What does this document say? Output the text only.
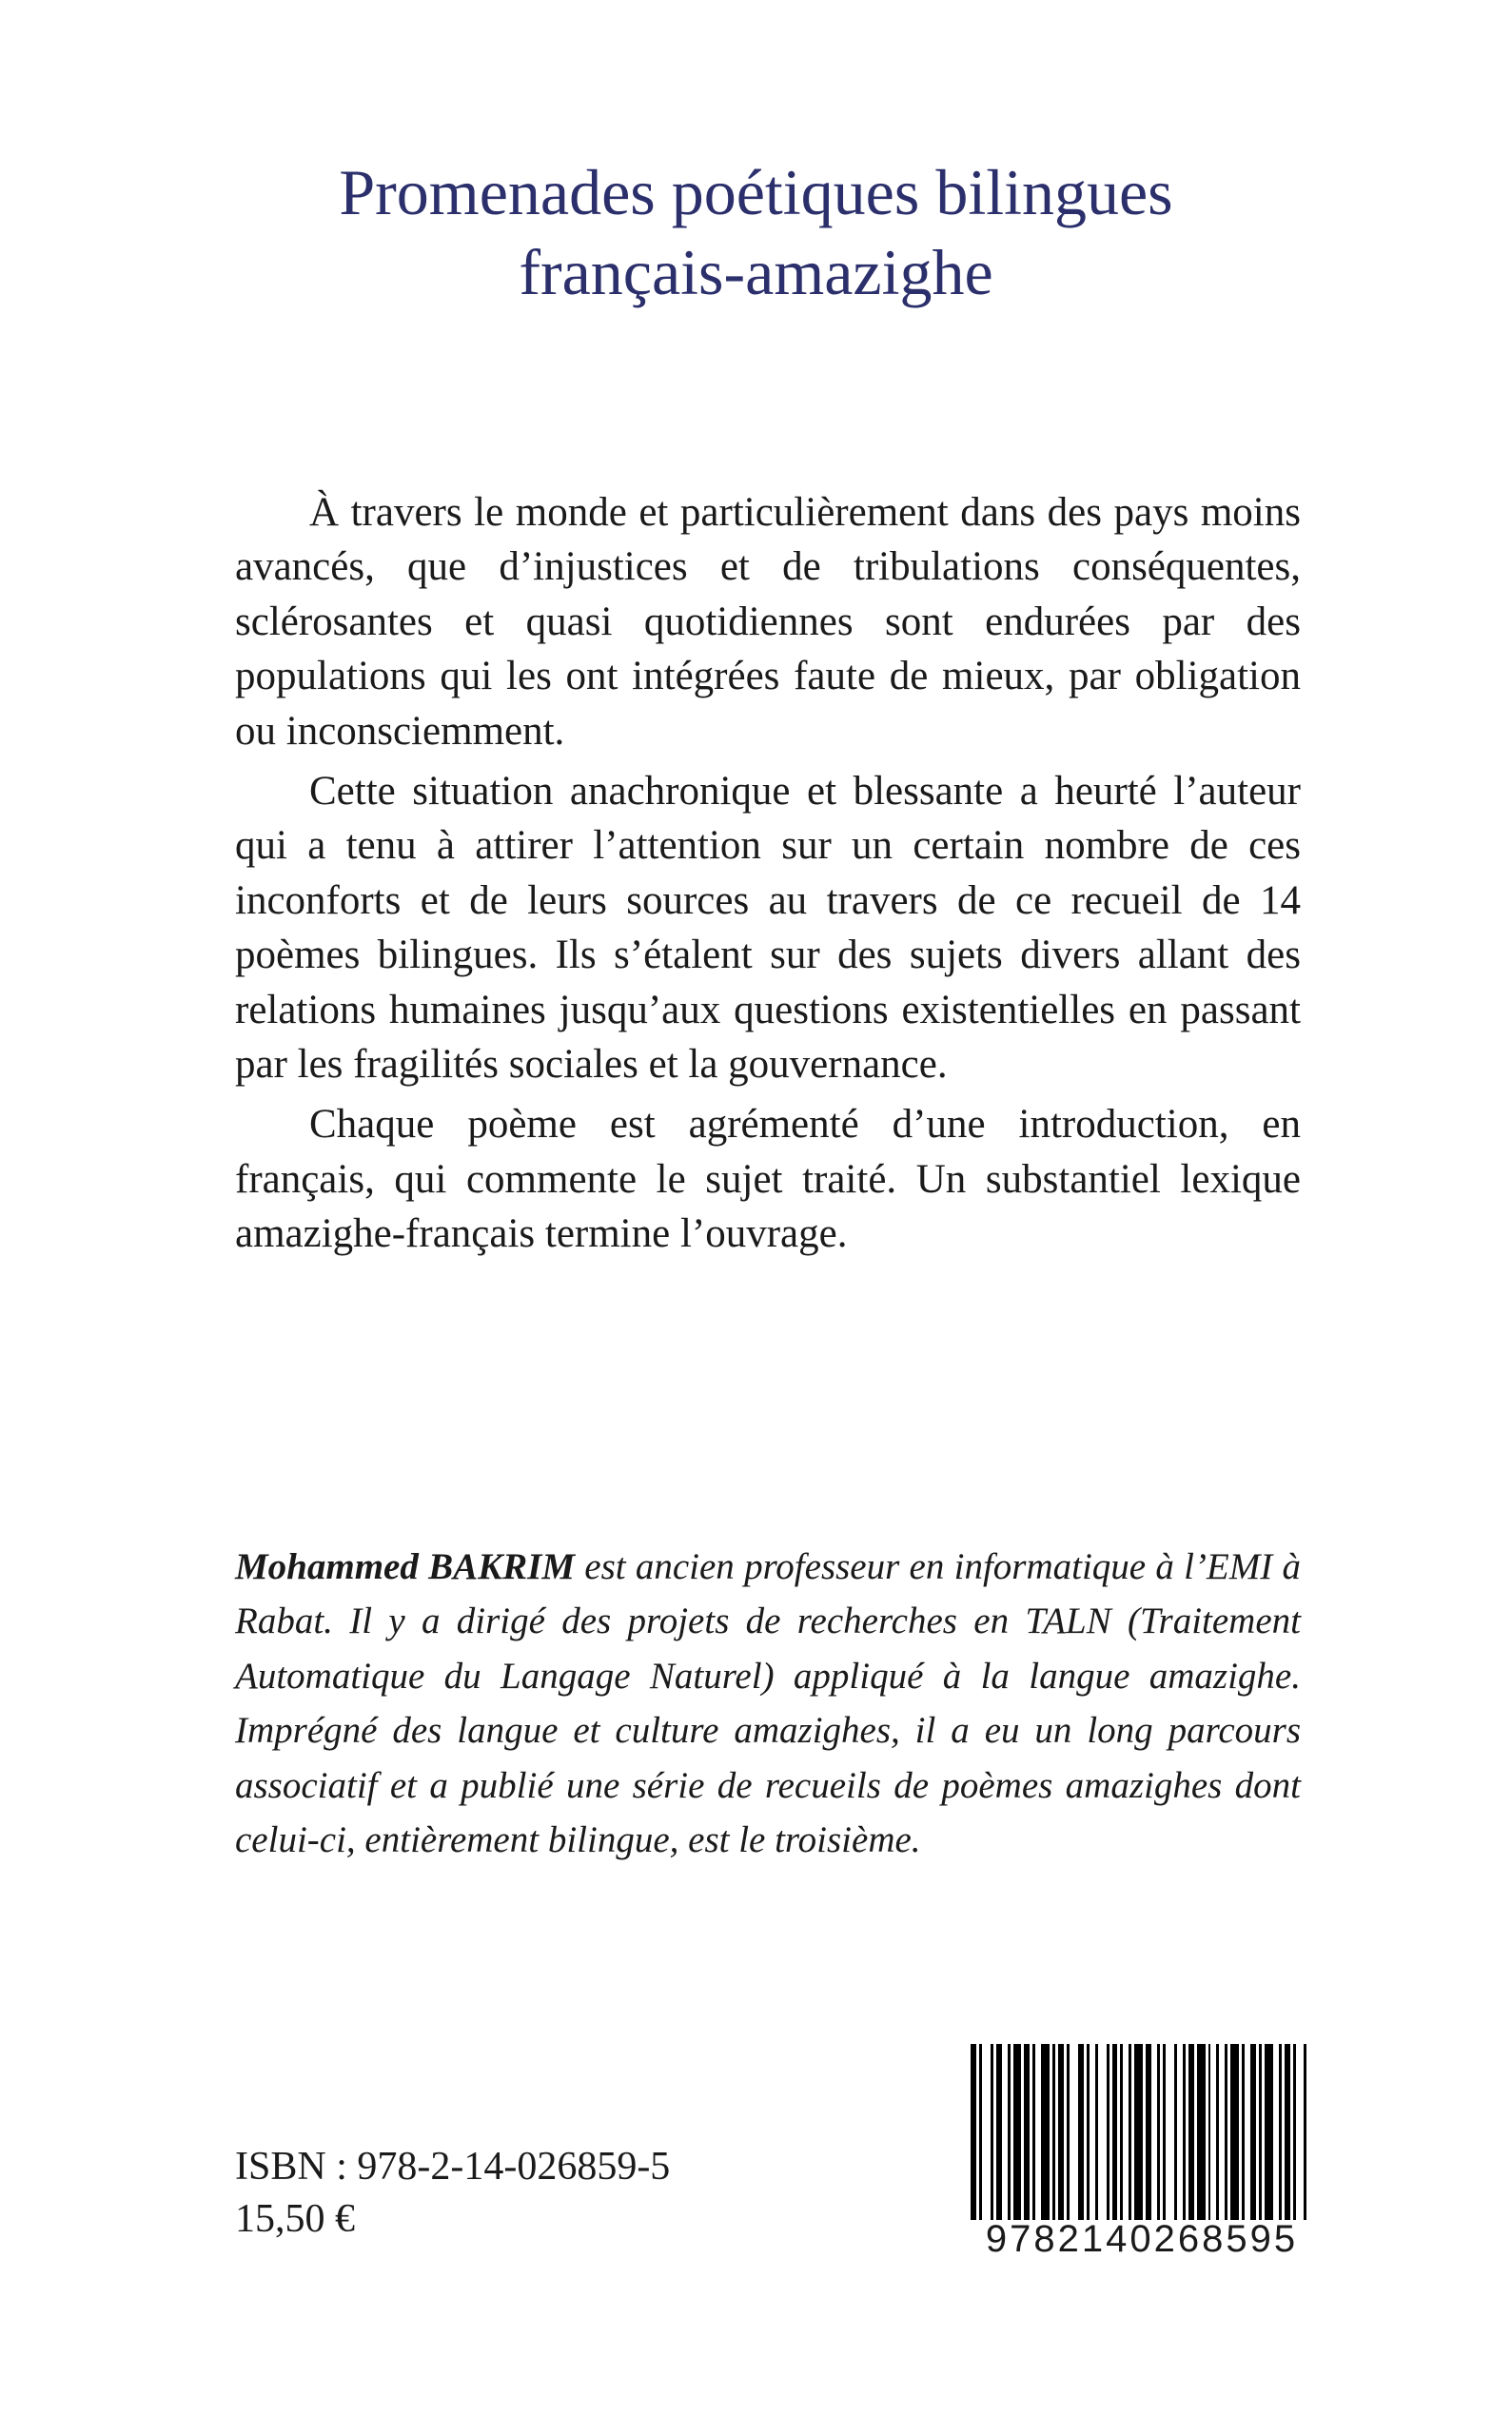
Promenades poétiques bilingues
français-amazighe

À travers le monde et particulièrement dans des pays moins avancés, que d’injustices et de tribulations conséquentes, sclérosantes et quasi quotidiennes sont endurées par des populations qui les ont intégrées faute de mieux, par obligation ou inconsciemment.

Cette situation anachronique et blessante a heurté l’auteur qui a tenu à attirer l’attention sur un certain nombre de ces inconforts et de leurs sources au travers de ce recueil de 14 poèmes bilingues. Ils s’étalent sur des sujets divers allant des relations humaines jusqu’aux questions existentielles en passant par les fragilités sociales et la gouvernance.

Chaque poème est agrémenté d’une introduction, en français, qui commente le sujet traité. Un substantiel lexique amazighe-français termine l’ouvrage.

Mohammed BAKRIM est ancien professeur en informatique à l’EMI à Rabat. Il y a dirigé des projets de recherches en TALN (Traitement Automatique du Langage Naturel) appliqué à la langue amazighe. Imprégné des langue et culture amazighes, il a eu un long parcours associatif et a publié une série de recueils de poèmes amazighes dont celui-ci, entièrement bilingue, est le troisième.
ISBN : 978-2-14-026859-5
15,50 €	9782140268595
